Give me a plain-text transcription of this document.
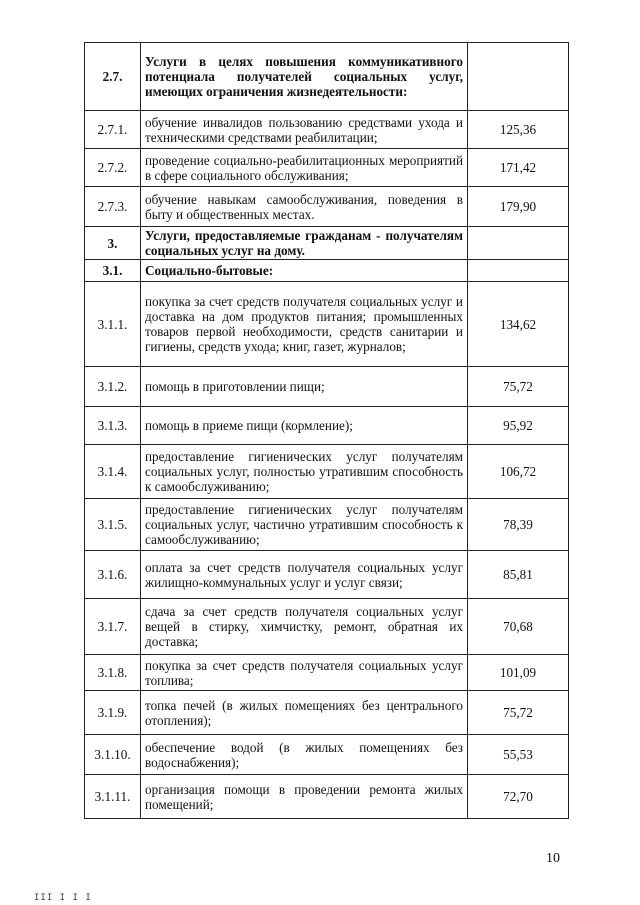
2.7.	Услуги в целях повышения коммуникативного потенциала получателей социальных услуг, имеющих ограничения жизнедеятельности:	
2.7.1.	обучение инвалидов пользованию средствами ухода и техническими средствами реабилитации;	125,36
2.7.2.	проведение социально-реабилитационных мероприятий в сфере социального обслуживания;	171,42
2.7.3.	обучение навыкам самообслуживания, поведения в быту и общественных местах.	179,90
3.	Услуги, предоставляемые гражданам - получателям социальных услуг на дому.	
3.1.	Социально-бытовые:	
3.1.1.	покупка за счет средств получателя социальных услуг и доставка на дом продуктов питания; промышленных товаров первой необходимости, средств санитарии и гигиены, средств ухода; книг, газет, журналов;	134,62
3.1.2.	помощь в приготовлении пищи;	75,72
3.1.3.	помощь в приеме пищи (кормление);	95,92
3.1.4.	предоставление гигиенических услуг получателям социальных услуг, полностью утратившим способность к самообслуживанию;	106,72
3.1.5.	предоставление гигиенических услуг получателям социальных услуг, частично утратившим способность к самообслуживанию;	78,39
3.1.6.	оплата за счет средств получателя социальных услуг жилищно-коммунальных услуг и услуг связи;	85,81
3.1.7.	сдача за счет средств получателя социальных услуг вещей в стирку, химчистку, ремонт, обратная их доставка;	70,68
3.1.8.	покупка за счет средств получателя социальных услуг топлива;	101,09
3.1.9.	топка печей (в жилых помещениях без центрального отопления);	75,72
3.1.10.	обеспечение водой (в жилых помещениях без водоснабжения);	55,53
3.1.11.	организация помощи в проведении ремонта жилых помещений;	72,70
10
III I I I
